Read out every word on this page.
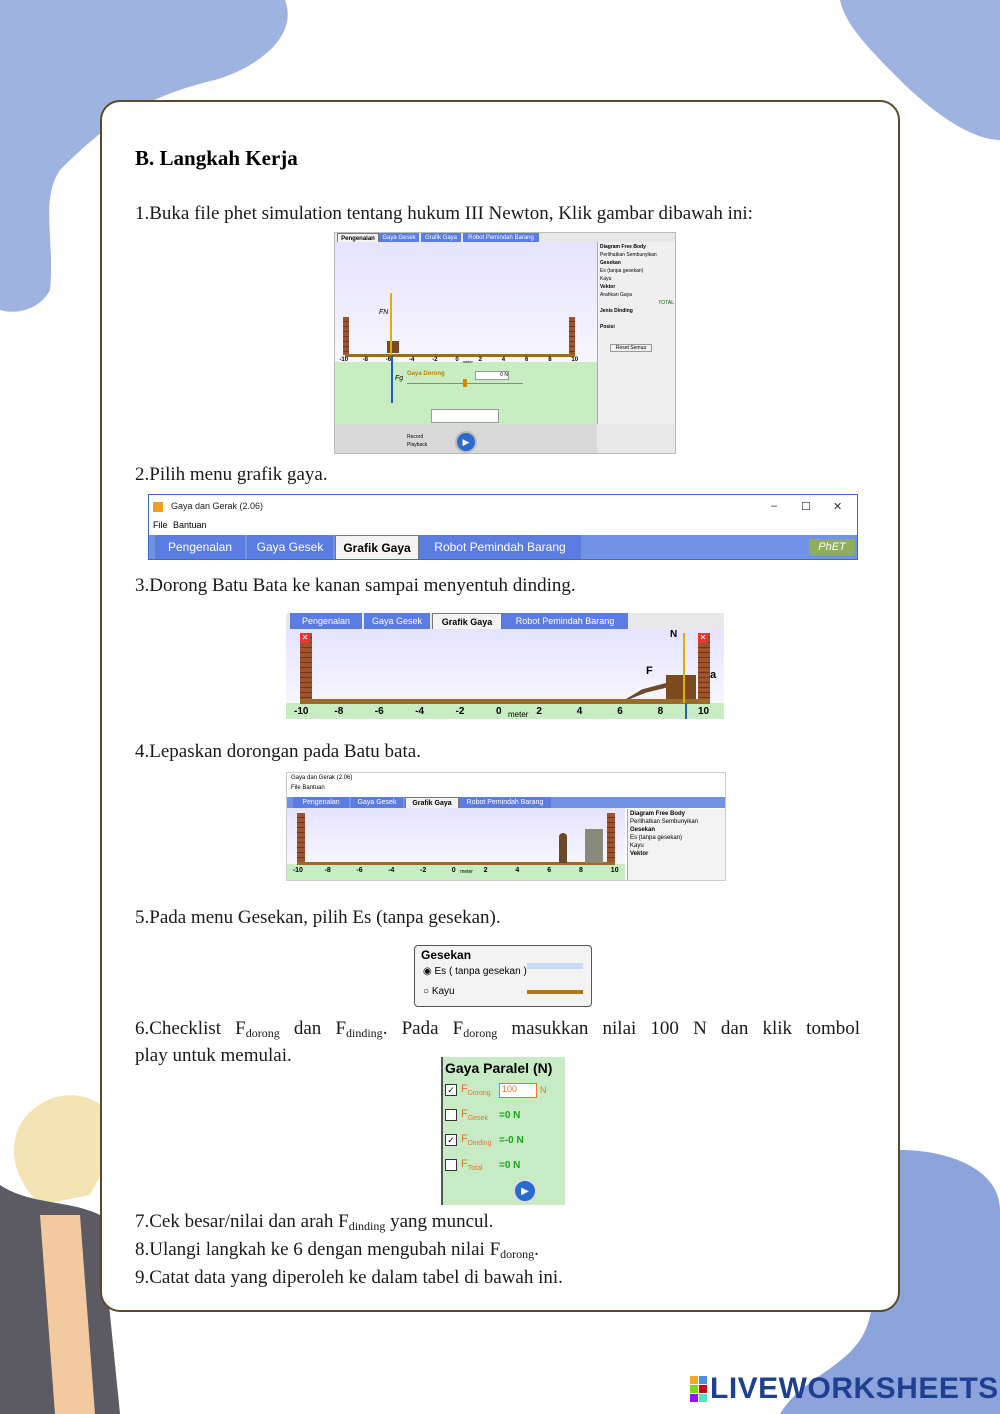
B. Langkah Kerja
1.Buka file phet simulation tentang hukum III Newton, Klik gambar dibawah ini:
Pengenalan	Gaya Gesek	Grafik Gaya	Robot Pemindah Barang
FN
Fg
-10 -8	-6	-4	-2	0	2	4	6	8	10
meter
Gaya Dorong	0 N
Record
Playback	▶
Diagram Free Body
Perlihatkan Sembunyikan
Gesekan
Es (tanpa gesekan)
Kayu
Vektor
Arahkan Gaya
TOTAL
Jenis Dinding
Posisi
Reset Semua
2.Pilih menu grafik gaya.
Gaya dan Gerak (2.06)	– ☐ ✕
File Bantuan
Pengenalan	Gaya Gesek	Grafik Gaya	Robot Pemindah Barang	PhET
3.Dorong Batu Bata ke kanan sampai menyentuh dinding.
Pengenalan	Gaya Gesek	Grafik Gaya	Robot Pemindah Barang
✕	✕
N
F	a
-10	-8	-6	-4	-2	0	2	4	6	8	10
meter
4.Lepaskan dorongan pada Batu bata.
Gaya dan Gerak (2.06)
File Bantuan
Pengenalan	Gaya Gesek	Grafik Gaya	Robot Pemindah Barang
-10	-8	-6	-4	-2	0	2	4	6	8	10
meter
Diagram Free Body
Perlihatkan Sembunyikan
Gesekan
Es (tanpa gesekan)
Kayu
Vektor
5.Pada menu Gesekan, pilih Es (tanpa gesekan).
Gesekan
◉ Es ( tanpa gesekan )
○ Kayu
6.Checklist $F_{dorong}$ dan $F_{dinding}$. Pada $F_{dorong}$ masukkan nilai 100 N dan klik tombol
play untuk memulai.
Gaya Paralel (N)
✓ $F_{Dorong}$
100	N
$F_{Gesek}$	=0 N
✓ $F_{Dinding} =-0$ N
$F_{Total}$	=0 N
▶
7.Cek besar/nilai dan arah $F_{dinding}$ yang muncul.
8.Ulangi langkah ke 6 dengan mengubah nilai $F_{dorong}$.
9.Catat data yang diperoleh ke dalam tabel di bawah ini.
LIVEWORKSHEETS
